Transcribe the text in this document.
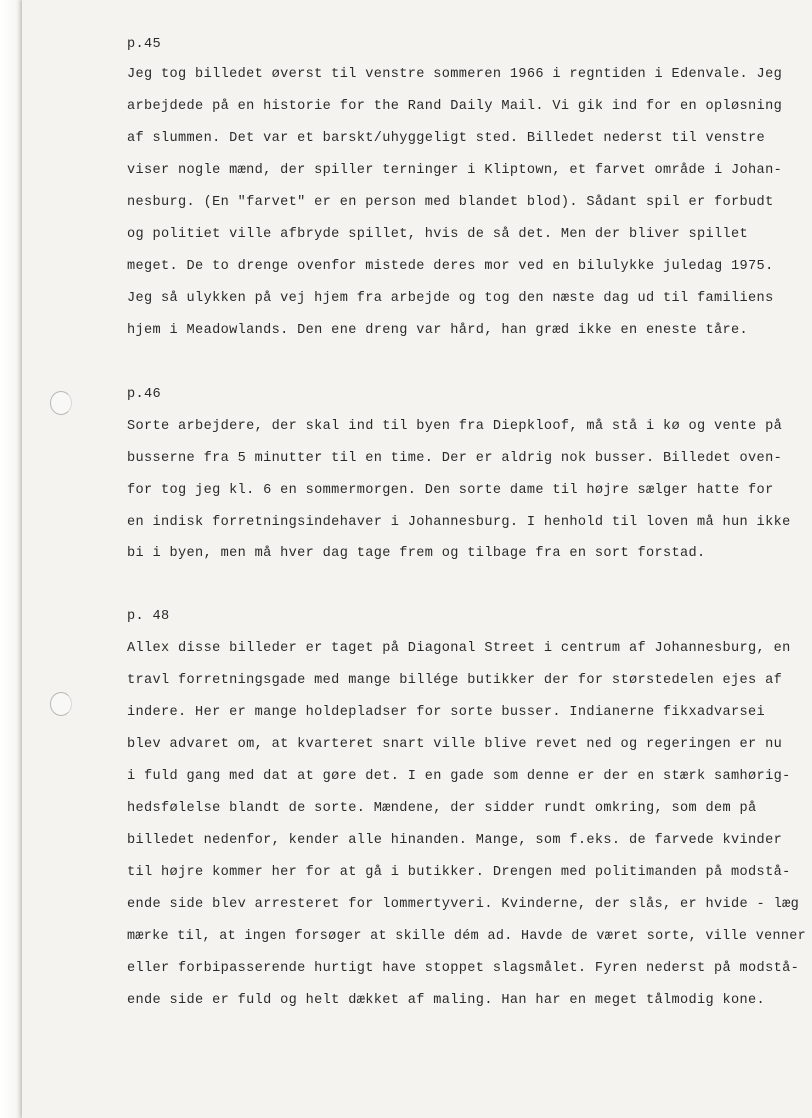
p.45
Jeg tog billedet øverst til venstre sommeren 1966 i regntiden i Edenvale. Jeg
arbejdede på en historie for the Rand Daily Mail. Vi gik ind for en opløsning
af slummen. Det var et barskt/uhyggeligt sted. Billedet nederst til venstre
viser nogle mænd, der spiller terninger i Kliptown, et farvet område i Johan-
nesburg. (En "farvet" er en person med blandet blod). Sådant spil er forbudt
og politiet ville afbryde spillet, hvis de så det. Men der bliver spillet
meget. De to drenge ovenfor mistede deres mor ved en bilulykke juledag 1975.
Jeg så ulykken på vej hjem fra arbejde og tog den næste dag ud til familiens
hjem i Meadowlands. Den ene dreng var hård, han græd ikke en eneste tåre.
p.46
Sorte arbejdere, der skal ind til byen fra Diepkloof, må stå i kø og vente på
busserne fra 5 minutter til en time. Der er aldrig nok busser. Billedet oven-
for tog jeg kl. 6 en sommermorgen. Den sorte dame til højre sælger hatte for
en indisk forretningsindehaver i Johannesburg. I henhold til loven må hun ikke
bi i byen, men må hver dag tage frem og tilbage fra en sort forstad.
p. 48
Allex disse billeder er taget på Diagonal Street i centrum af Johannesburg, en
travl forretningsgade med mange billége butikker der for størstedelen ejes af
indere. Her er mange holdepladser for sorte busser. Indianerne fikxadvarsei
blev advaret om, at kvarteret snart ville blive revet ned og regeringen er nu
i fuld gang med dat at gøre det. I en gade som denne er der en stærk samhørig-
hedsfølelse blandt de sorte. Mændene, der sidder rundt omkring, som dem på
billedet nedenfor, kender alle hinanden. Mange, som f.eks. de farvede kvinder
til højre kommer her for at gå i butikker. Drengen med politimanden på modstå-
ende side blev arresteret for lommertyveri. Kvinderne, der slås, er hvide - læg
mærke til, at ingen forsøger at skille dém ad. Havde de været sorte, ville venner
eller forbipasserende hurtigt have stoppet slagsmålet. Fyren nederst på modstå-
ende side er fuld og helt dækket af maling. Han har en meget tålmodig kone.
